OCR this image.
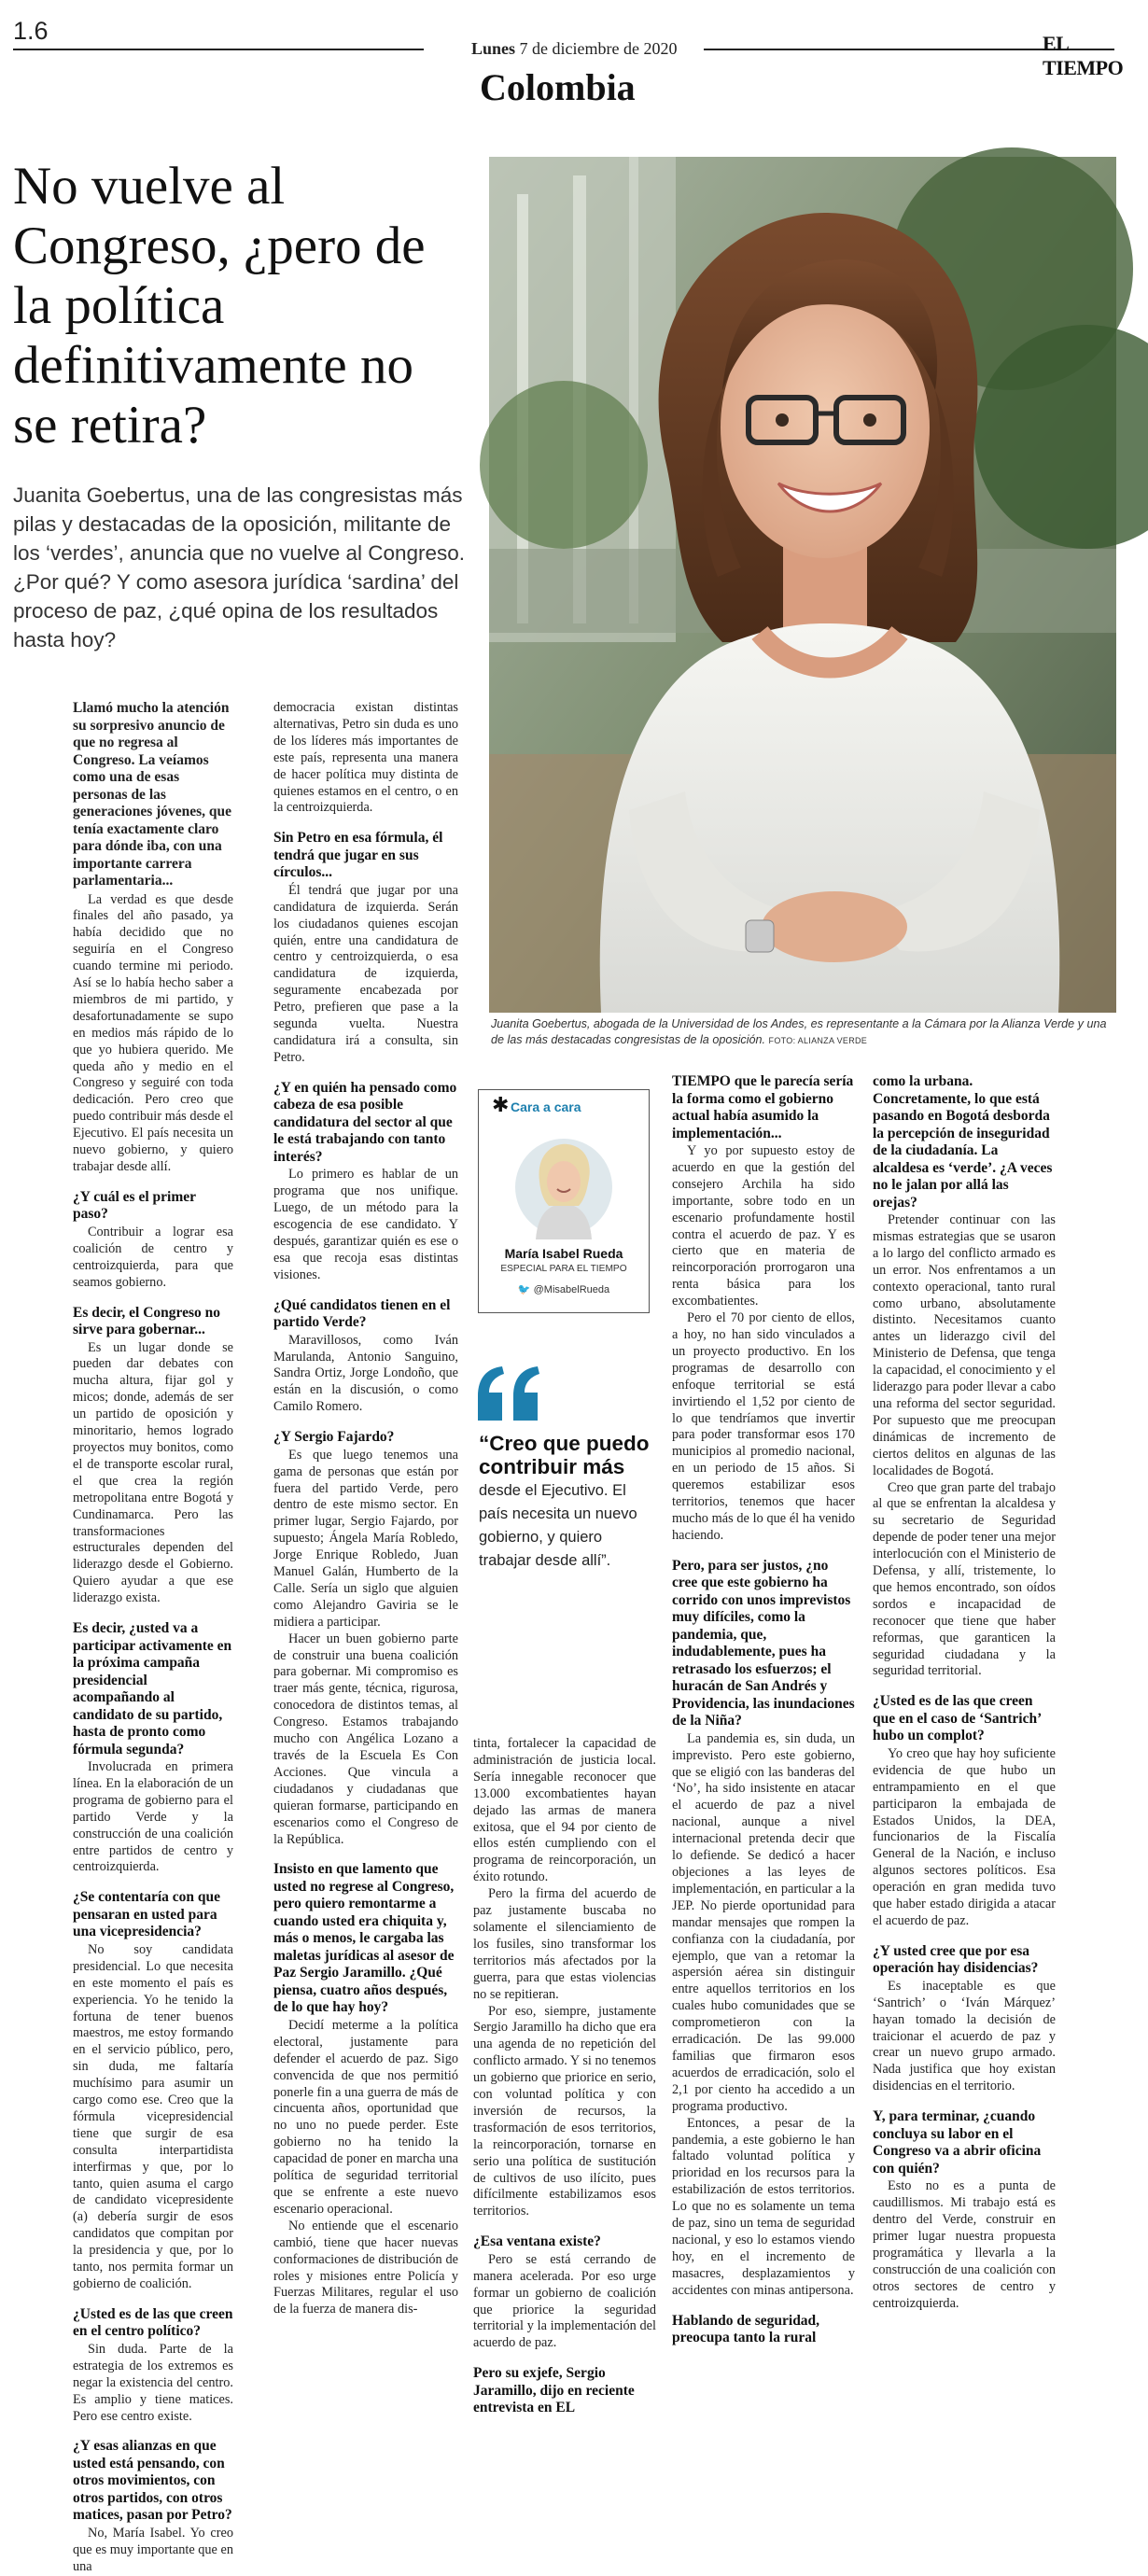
1.6
Lunes 7 de diciembre de 2020
Colombia
EL TIEMPO
No vuelve al Congreso, ¿pero de la política definitivamente no se retira?
Juanita Goebertus, una de las congresistas más pilas y destacadas de la oposición, militante de los ‘verdes’, anuncia que no vuelve al Congreso. ¿Por qué? Y como asesora jurídica ‘sardina’ del proceso de paz, ¿qué opina de los resultados hasta hoy?
Juanita Goebertus, abogada de la Universidad de los Andes, es representante a la Cámara por la Alianza Verde y una de las más destacadas congresistas de la oposición. FOTO: ALIANZA VERDE
✱ Cara a cara
María Isabel Rueda
ESPECIAL PARA EL TIEMPO
🐦 @MisabelRueda
“Creo que puedo contribuir más
desde el Ejecutivo. El país necesita un nuevo gobierno, y quiero trabajar desde allí”.
Llamó mucho la atención su sorpresivo anuncio de que no regresa al Congreso. La veíamos como una de esas personas de las generaciones jóvenes, que tenía exactamente claro para dónde iba, con una importante carrera parlamentaria...

La verdad es que desde finales del año pasado, ya había decidido que no seguiría en el Congreso cuando termine mi periodo. Así se lo había hecho saber a miembros de mi partido, y desafortunadamente se supo en medios más rápido de lo que yo hubiera querido. Me queda año y medio en el Congreso y seguiré con toda dedicación. Pero creo que puedo contribuir más desde el Ejecutivo. El país necesita un nuevo gobierno, y quiero trabajar desde allí.

¿Y cuál es el primer paso?

Contribuir a lograr esa coalición de centro y centroizquierda, para que seamos gobierno.

Es decir, el Congreso no sirve para gobernar...

Es un lugar donde se pueden dar debates con mucha altura, fijar gol y micos; donde, además de ser un partido de oposición y minoritario, hemos logrado proyectos muy bonitos, como el de transporte escolar rural, el que crea la región metropolitana entre Bogotá y Cundinamarca. Pero las transformaciones estructurales dependen del liderazgo desde el Gobierno. Quiero ayudar a que ese liderazgo exista.

Es decir, ¿usted va a participar activamente en la próxima campaña presidencial acompañando al candidato de su partido, hasta de pronto como fórmula segunda?

Involucrada en primera línea. En la elaboración de un programa de gobierno para el partido Verde y la construcción de una coalición entre partidos de centro y centroizquierda.

¿Se contentaría con que pensaran en usted para una vicepresidencia?

No soy candidata presidencial. Lo que necesita en este momento el país es experiencia. Yo he tenido la fortuna de tener buenos maestros, me estoy formando en el servicio público, pero, sin duda, me faltaría muchísimo para asumir un cargo como ese. Creo que la fórmula vicepresidencial tiene que surgir de esa consulta interpartidista interfirmas y que, por lo tanto, quien asuma el cargo de candidato vicepresidente (a) debería surgir de esos candidatos que compitan por la presidencia y que, por lo tanto, nos permita formar un gobierno de coalición.

¿Usted es de las que creen en el centro político?

Sin duda. Parte de la estrategia de los extremos es negar la existencia del centro. Es amplio y tiene matices. Pero ese centro existe.

¿Y esas alianzas en que usted está pensando, con otros movimientos, con otros partidos, con otros matices, pasan por Petro?

No, María Isabel. Yo creo que es muy importante que en una

democracia existan distintas alternativas, Petro sin duda es uno de los líderes más importantes de este país, representa una manera de hacer política muy distinta de quienes estamos en el centro, o en la centroizquierda.

Sin Petro en esa fórmula, él tendrá que jugar en sus círculos...

Él tendrá que jugar por una candidatura de izquierda. Serán los ciudadanos quienes escojan quién, entre una candidatura de centro y centroizquierda, o esa candidatura de izquierda, seguramente encabezada por Petro, prefieren que pase a la segunda vuelta. Nuestra candidatura irá a consulta, sin Petro.

¿Y en quién ha pensado como cabeza de esa posible candidatura del sector al que le está trabajando con tanto interés?

Lo primero es hablar de un programa que nos unifique. Luego, de un método para la escogencia de ese candidato. Y después, garantizar quién es ese o esa que recoja esas distintas visiones.

¿Qué candidatos tienen en el partido Verde?

Maravillosos, como Iván Marulanda, Antonio Sanguino, Sandra Ortiz, Jorge Londoño, que están en la discusión, o como Camilo Romero.

¿Y Sergio Fajardo?

Es que luego tenemos una gama de personas que están por fuera del partido Verde, pero dentro de este mismo sector. En primer lugar, Sergio Fajardo, por supuesto; Ángela María Robledo, Jorge Enrique Robledo, Juan Manuel Galán, Humberto de la Calle. Sería un siglo que alguien como Alejandro Gaviria se le midiera a participar.

Hacer un buen gobierno parte de construir una buena coalición para gobernar. Mi compromiso es traer más gente, técnica, rigurosa, conocedora de distintos temas, al Congreso. Estamos trabajando mucho con Angélica Lozano a través de la Escuela Es Con Acciones. Que vincula a ciudadanos y ciudadanas que quieran formarse, participando en escenarios como el Congreso de la República.

Insisto en que lamento que usted no regrese al Congreso, pero quiero remontarme a cuando usted era chiquita y, más o menos, le cargaba las maletas jurídicas al asesor de Paz Sergio Jaramillo. ¿Qué piensa, cuatro años después, de lo que hay hoy?

Decidí meterme a la política electoral, justamente para defender el acuerdo de paz. Sigo convencida de que nos permitió ponerle fin a una guerra de más de cincuenta años, oportunidad que no uno no puede perder. Este gobierno no ha tenido la capacidad de poner en marcha una política de seguridad territorial que se enfrente a este nuevo escenario operacional.

No entiende que el escenario cambió, tiene que hacer nuevas conformaciones de distribución de roles y misiones entre Policía y Fuerzas Militares, regular el uso de la fuerza de manera dis-

tinta, fortalecer la capacidad de administración de justicia local. Sería innegable reconocer que 13.000 excombatientes hayan dejado las armas de manera exitosa, que el 94 por ciento de ellos estén cumpliendo con el programa de reincorporación, un éxito rotundo.

Pero la firma del acuerdo de paz justamente buscaba no solamente el silenciamiento de los fusiles, sino transformar los territorios más afectados por la guerra, para que estas violencias no se repitieran.

Por eso, siempre, justamente Sergio Jaramillo ha dicho que era una agenda de no repetición del conflicto armado. Y si no tenemos un gobierno que priorice en serio, con voluntad política y con inversión de recursos, la trasformación de esos territorios, la reincorporación, tornarse en serio una política de sustitución de cultivos de uso ilícito, pues difícilmente estabilizamos esos territorios.

¿Esa ventana existe?

Pero se está cerrando de manera acelerada. Por eso urge formar un gobierno de coalición que priorice la seguridad territorial y la implementación del acuerdo de paz.

Pero su exjefe, Sergio Jaramillo, dijo en reciente entrevista en EL
TIEMPO que le parecía sería la forma como el gobierno actual había asumido la implementación...

Y yo por supuesto estoy de acuerdo en que la gestión del consejero Archila ha sido importante, sobre todo en un escenario profundamente hostil contra el acuerdo de paz. Y es cierto que en materia de reincorporación prorrogaron una renta básica para los excombatientes.

Pero el 70 por ciento de ellos, a hoy, no han sido vinculados a un proyecto productivo. En los programas de desarrollo con enfoque territorial se está invirtiendo el 1,52 por ciento de lo que tendríamos que invertir para poder transformar esos 170 municipios al promedio nacional, en un periodo de 15 años. Si queremos estabilizar esos territorios, tenemos que hacer mucho más de lo que él ha venido haciendo.

Pero, para ser justos, ¿no cree que este gobierno ha corrido con unos imprevistos muy difíciles, como la pandemia, que, indudablemente, pues ha retrasado los esfuerzos; el huracán de San Andrés y Providencia, las inundaciones de la Niña?

La pandemia es, sin duda, un imprevisto. Pero este gobierno, que se eligió con las banderas del ‘No’, ha sido insistente en atacar el acuerdo de paz a nivel nacional, aunque a nivel internacional pretenda decir que lo defiende. Se dedicó a hacer objeciones a las leyes de implementación, en particular a la JEP. No pierde oportunidad para mandar mensajes que rompen la confianza con la ciudadanía, por ejemplo, que van a retomar la aspersión aérea sin distinguir entre aquellos territorios en los cuales hubo comunidades que se comprometieron con la erradicación. De las 99.000 familias que firmaron esos acuerdos de erradicación, solo el 2,1 por ciento ha accedido a un programa productivo.

Entonces, a pesar de la pandemia, a este gobierno le han faltado voluntad política y prioridad en los recursos para la estabilización de estos territorios. Lo que no es solamente un tema de paz, sino un tema de seguridad nacional, y eso lo estamos viendo hoy, en el incremento de masacres, desplazamientos y accidentes con minas antipersona.

Hablando de seguridad, preocupa tanto la rural
como la urbana. Concretamente, lo que está pasando en Bogotá desborda la percepción de inseguridad de la ciudadanía. La alcaldesa es ‘verde’. ¿A veces no le jalan por allá las orejas?

Pretender continuar con las mismas estrategias que se usaron a lo largo del conflicto armado es un error. Nos enfrentamos a un contexto operacional, tanto rural como urbano, absolutamente distinto. Necesitamos cuanto antes un liderazgo civil del Ministerio de Defensa, que tenga la capacidad, el conocimiento y el liderazgo para poder llevar a cabo una reforma del sector seguridad. Por supuesto que me preocupan dinámicas de incremento de ciertos delitos en algunas de las localidades de Bogotá.

Creo que gran parte del trabajo al que se enfrentan la alcaldesa y su secretario de Seguridad depende de poder tener una mejor interlocución con el Ministerio de Defensa, y allí, tristemente, lo que hemos encontrado, son oídos sordos e incapacidad de reconocer que tiene que haber reformas, que garanticen la seguridad ciudadana y la seguridad territorial.

¿Usted es de las que creen que en el caso de ‘Santrich’ hubo un complot?

Yo creo que hay hoy suficiente evidencia de que hubo un entrampamiento en el que participaron la embajada de Estados Unidos, la DEA, funcionarios de la Fiscalía General de la Nación, e incluso algunos sectores políticos. Esa operación en gran medida tuvo que haber estado dirigida a atacar el acuerdo de paz.

¿Y usted cree que por esa operación hay disidencias?

Es inaceptable es que ‘Santrich’ o ‘Iván Márquez’ hayan tomado la decisión de traicionar el acuerdo de paz y crear un nuevo grupo armado. Nada justifica que hoy existan disidencias en el territorio.

Y, para terminar, ¿cuando concluya su labor en el Congreso va a abrir oficina con quién?

Esto no es a punta de caudillismos. Mi trabajo está es dentro del Verde, construir en primer lugar nuestra propuesta programática y llevarla a la construcción de una coalición con otros sectores de centro y centroizquierda.
